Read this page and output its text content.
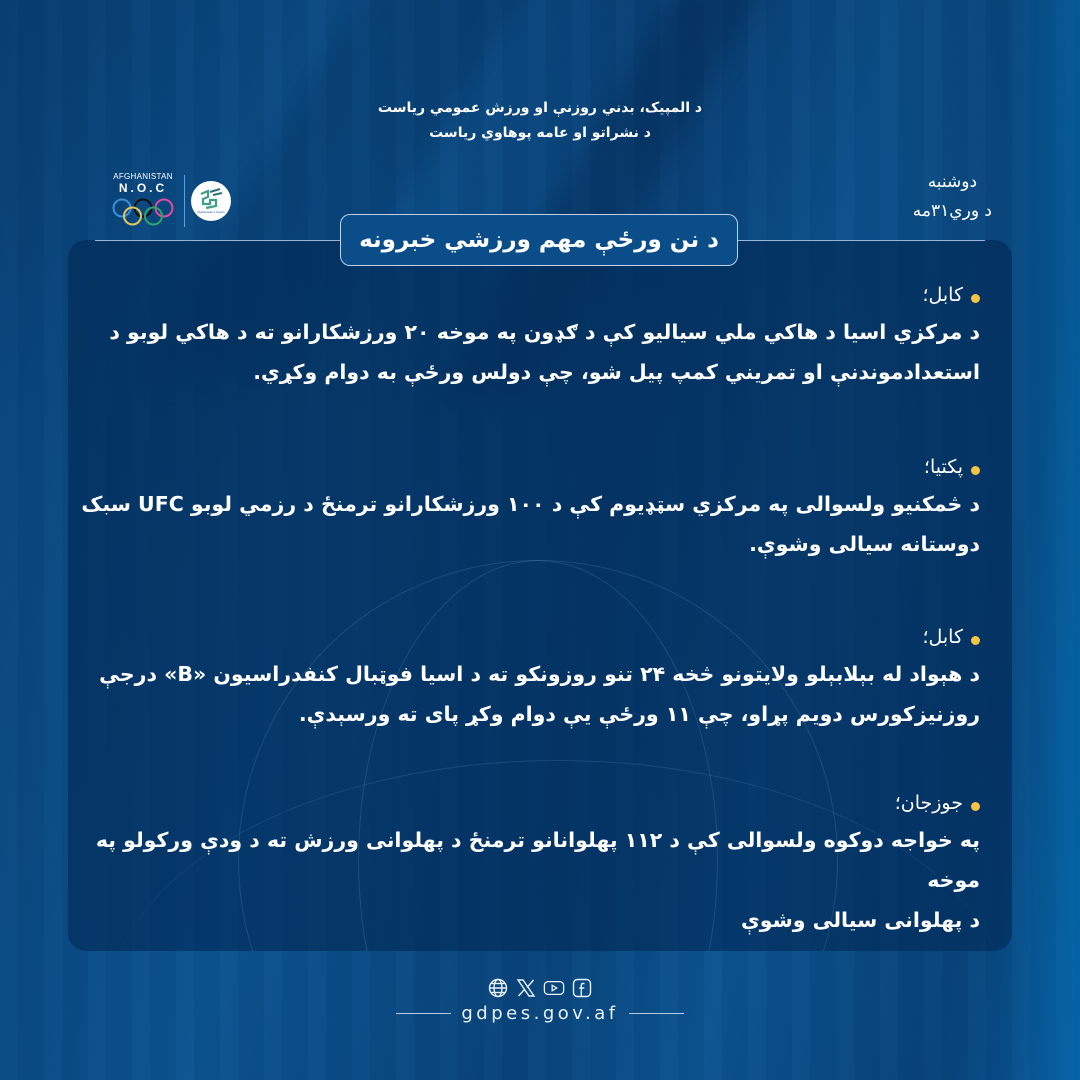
د المپیک، بدني روزنې او ورزش عمومي رياست
د نشراتو او عامه پوهاوي رياست
AFGHANISTAN
N.O.C
Afghanistan's Sports
دوشنبه
د وري۳۱مه
د نن ورځې مهم ورزشي خبرونه
کابل؛
د مرکزي اسيا د هاکي ملي سياليو کې د ګډون په موخه ۲۰ ورزشکارانو ته د هاکي لوبو د
استعدادموندنې او تمريني کمپ پيل شو، چې دولس ورځې به دوام وکړي.
پکتيا؛
د څمکنيو ولسوالی په مرکزي سټډيوم کې د ۱۰۰ ورزشکارانو ترمنځ د رزمي لوبو UFC سبک
دوستانه سيالی وشوې.
کابل؛
د هېواد له بېلابېلو ولايتونو څخه ۲۴ تنو روزونکو ته د اسيا فوټبال کنفدراسيون «B» درجې
روزنيزکورس دويم پړاو، چې ۱۱ ورځې يې دوام وکړ پای ته ورسېدې.
جوزجان؛
په خواجه دوکوه ولسوالی کې د ۱۱۲ پهلوانانو ترمنځ د پهلوانی ورزش ته د ودې ورکولو په موخه
د پهلوانی سيالی وشوې
gdpes.gov.af
